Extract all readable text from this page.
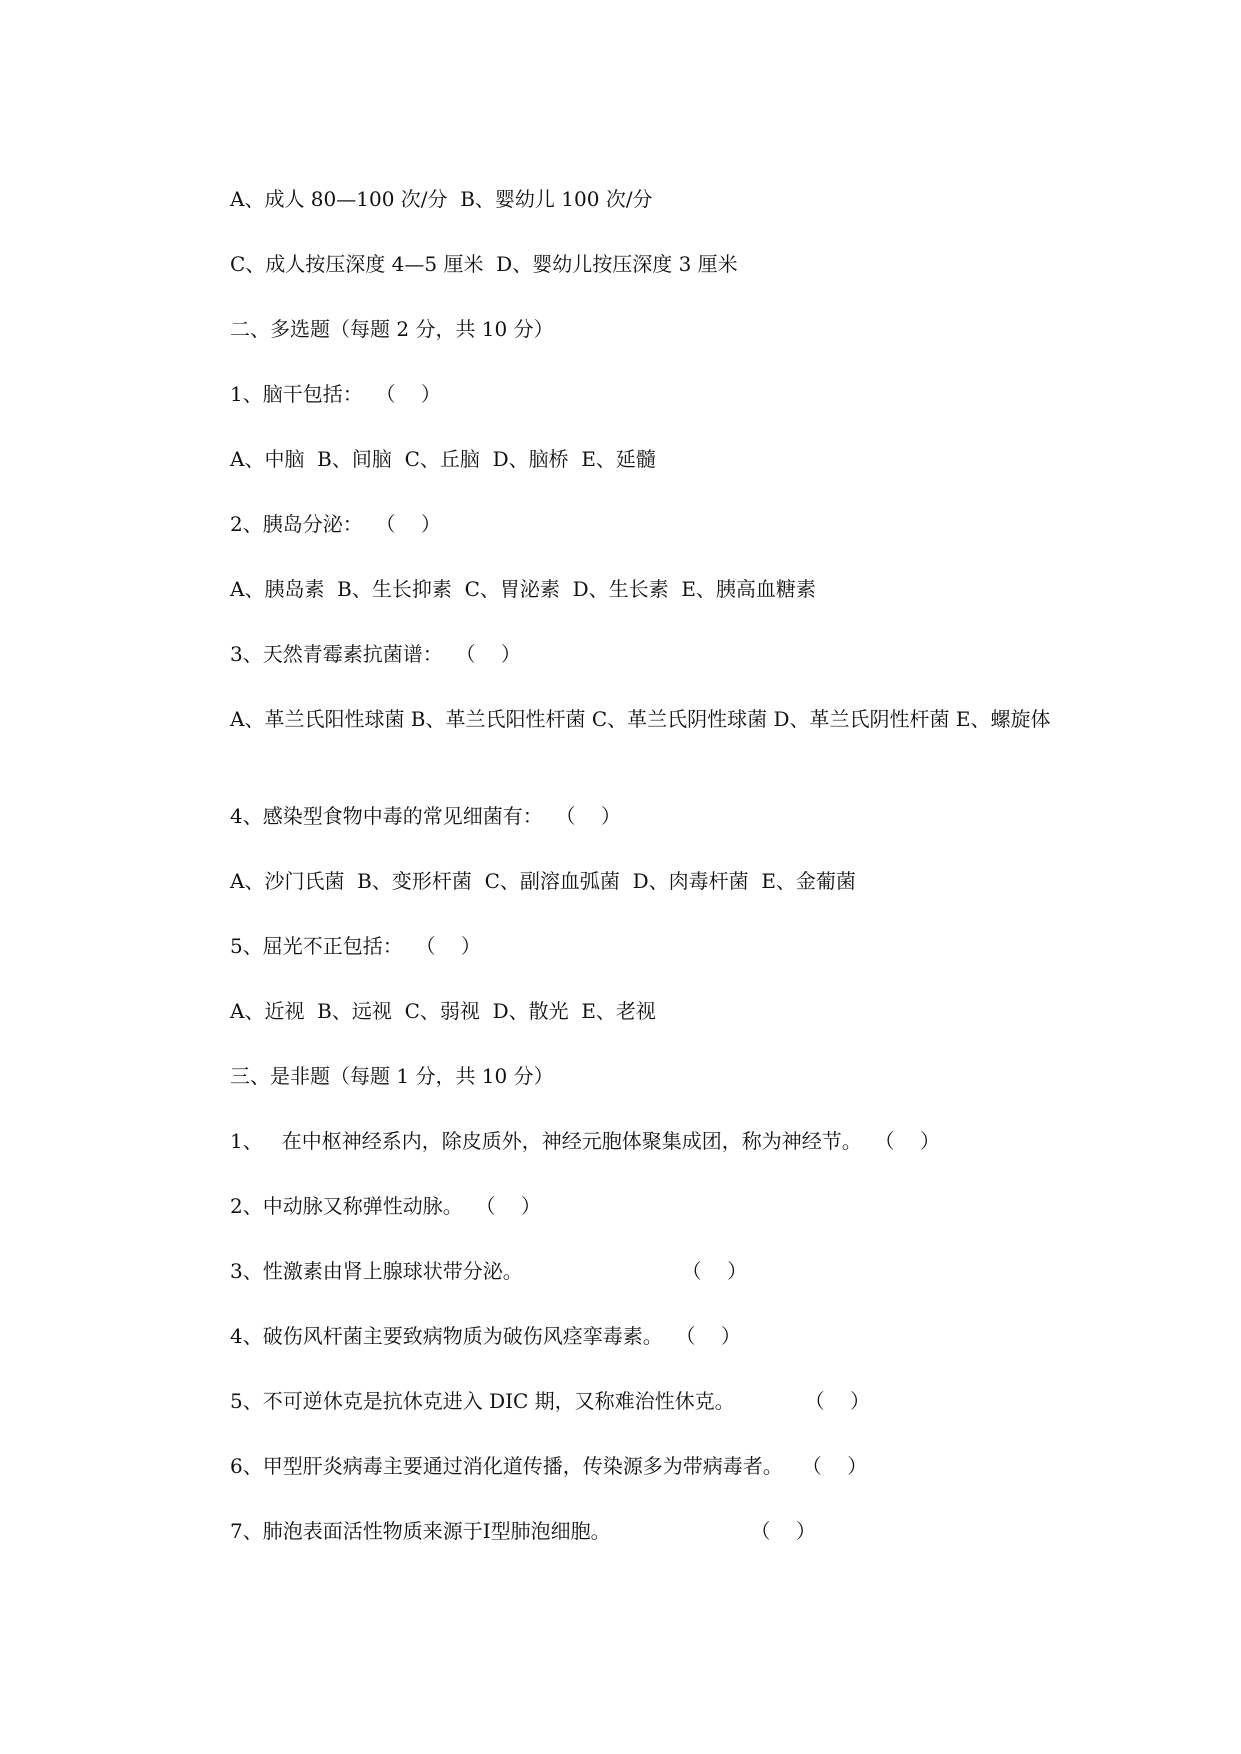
A、成人 80—100 次/分  B、婴幼儿 100 次/分
C、成人按压深度 4—5 厘米  D、婴幼儿按压深度 3 厘米
二、多选题（每题 2 分，共 10 分）
1、脑干包括：  （    ）
A、中脑  B、间脑  C、丘脑  D、脑桥  E、延髓
2、胰岛分泌：  （    ）
A、胰岛素  B、生长抑素  C、胃泌素  D、生长素  E、胰高血糖素
3、天然青霉素抗菌谱：  （    ）
A、革兰氏阳性球菌 B、革兰氏阳性杆菌 C、革兰氏阴性球菌 D、革兰氏阴性杆菌 E、螺旋体
4、感染型食物中毒的常见细菌有：  （    ）
A、沙门氏菌  B、变形杆菌  C、副溶血弧菌  D、肉毒杆菌  E、金葡菌
5、屈光不正包括：  （    ）
A、近视  B、远视  C、弱视  D、散光  E、老视
三、是非题（每题 1 分，共 10 分）
1、   在中枢神经系内，除皮质外，神经元胞体聚集成团，称为神经节。  （    ）
2、中动脉又称弹性动脉。  （    ）
3、性激素由肾上腺球状带分泌。                         （    ）
4、破伤风杆菌主要致病物质为破伤风痉挛毒素。  （    ）
5、不可逆休克是抗休克进入 DIC 期，又称难治性休克。           （    ）
6、甲型肝炎病毒主要通过消化道传播，传染源多为带病毒者。   （    ）
7、肺泡表面活性物质来源于Ⅰ型肺泡细胞。                      （    ）
